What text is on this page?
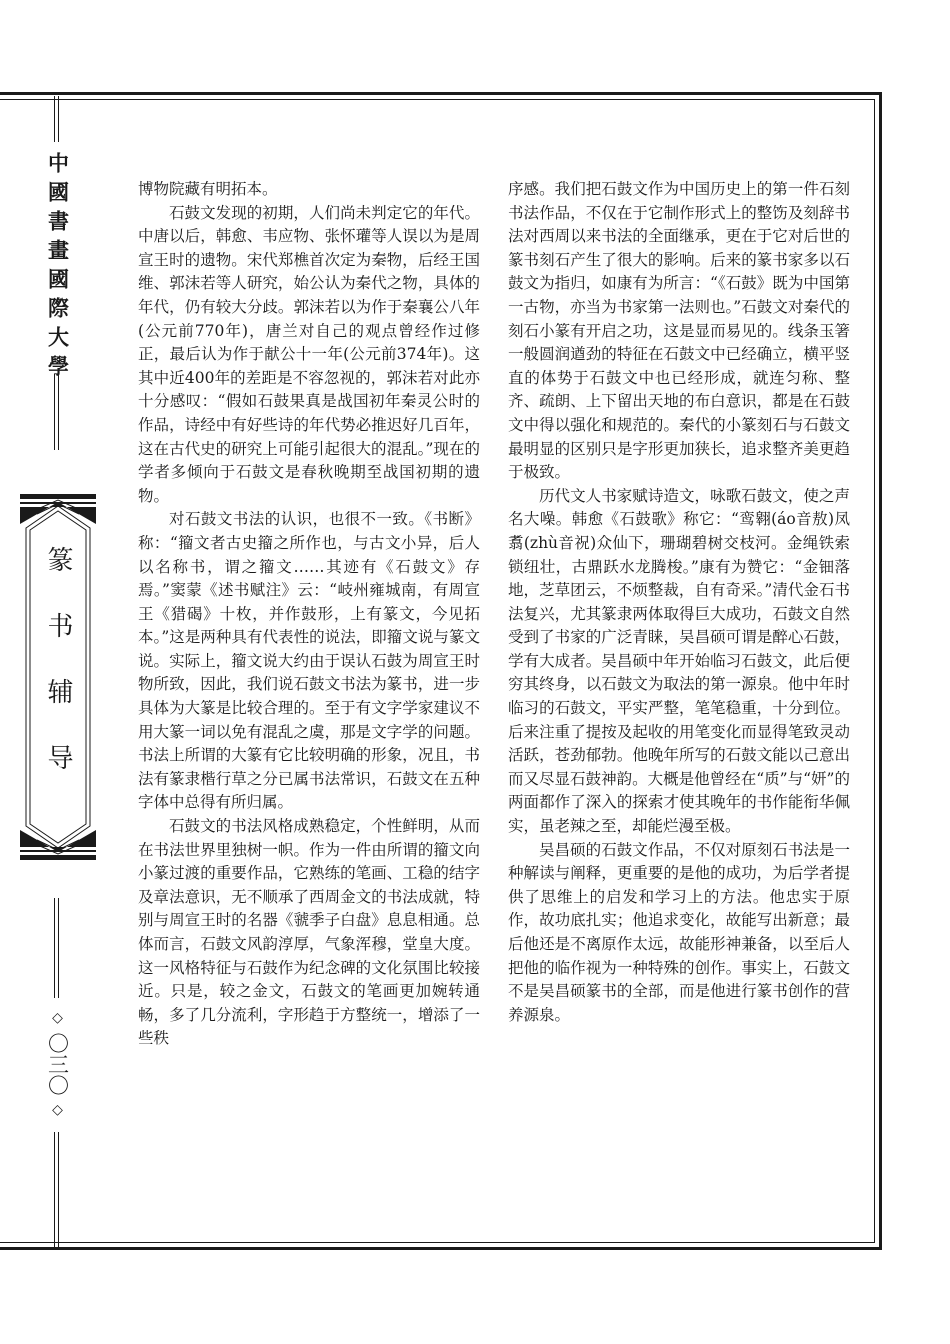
中國書畫國際大學
篆书辅导
◇ 〇三〇 ◇

博物院藏有明拓本。

石鼓文发现的初期，人们尚未判定它的年代。中唐以后，韩愈、韦应物、张怀瓘等人误以为是周宣王时的遗物。宋代郑樵首次定为秦物，后经王国维、郭沫若等人研究，始公认为秦代之物，具体的年代，仍有较大分歧。郭沫若以为作于秦襄公八年(公元前770年)，唐兰对自己的观点曾经作过修正，最后认为作于献公十一年(公元前374年)。这其中近400年的差距是不容忽视的，郭沫若对此亦十分感叹：“假如石鼓果真是战国初年秦灵公时的作品，诗经中有好些诗的年代势必推迟好几百年，这在古代史的研究上可能引起很大的混乱。”现在的学者多倾向于石鼓文是春秋晚期至战国初期的遗物。

对石鼓文书法的认识，也很不一致。《书断》称：“籀文者古史籀之所作也，与古文小异，后人以名称书，谓之籀文……其迹有《石鼓文》存焉。”窦蒙《述书赋注》云：“岐州雍城南，有周宣王《猎碣》十枚，并作鼓形，上有篆文，今见拓本。”这是两种具有代表性的说法，即籀文说与篆文说。实际上，籀文说大约由于误认石鼓为周宣王时物所致，因此，我们说石鼓文书法为篆书，进一步具体为大篆是比较合理的。至于有文字学家建议不用大篆一词以免有混乱之虞，那是文字学的问题。书法上所谓的大篆有它比较明确的形象，况且，书法有篆隶楷行草之分已属书法常识，石鼓文在五种字体中总得有所归属。

石鼓文的书法风格成熟稳定，个性鲜明，从而在书法世界里独树一帜。作为一件由所谓的籀文向小篆过渡的重要作品，它熟练的笔画、工稳的结字及章法意识，无不顺承了西周金文的书法成就，特别与周宣王时的名器《虢季子白盘》息息相通。总体而言，石鼓文风韵淳厚，气象浑穆，堂皇大度。这一风格特征与石鼓作为纪念碑的文化氛围比较接近。只是，较之金文，石鼓文的笔画更加婉转通畅，多了几分流利，字形趋于方整统一，增添了一些秩

序感。我们把石鼓文作为中国历史上的第一件石刻书法作品，不仅在于它制作形式上的整饬及刻辞书法对西周以来书法的全面继承，更在于它对后世的篆书刻石产生了很大的影响。后来的篆书家多以石鼓文为指归，如康有为所言：“《石鼓》既为中国第一古物，亦当为书家第一法则也。”石鼓文对秦代的刻石小篆有开启之功，这是显而易见的。线条玉箸一般圆润遒劲的特征在石鼓文中已经确立，横平竖直的体势于石鼓文中也已经形成，就连匀称、整齐、疏朗、上下留出天地的布白意识，都是在石鼓文中得以强化和规范的。秦代的小篆刻石与石鼓文最明显的区别只是字形更加狭长，追求整齐美更趋于极致。

历代文人书家赋诗造文，咏歌石鼓文，使之声名大噪。韩愈《石鼓歌》称它：“鸾翱(áo音敖)凤翥(zhù音祝)众仙下，珊瑚碧树交枝河。金绳铁索锁纽壮，古鼎跃水龙腾梭。”康有为赞它：“金钿落地，芝草团云，不烦整裁，自有奇采。”清代金石书法复兴，尤其篆隶两体取得巨大成功，石鼓文自然受到了书家的广泛青睐，吴昌硕可谓是醉心石鼓，学有大成者。吴昌硕中年开始临习石鼓文，此后便穷其终身，以石鼓文为取法的第一源泉。他中年时临习的石鼓文，平实严整，笔笔稳重，十分到位。后来注重了提按及起收的用笔变化而显得笔致灵动活跃，苍劲郁勃。他晚年所写的石鼓文能以己意出而又尽显石鼓神韵。大概是他曾经在“质”与“妍”的两面都作了深入的探索才使其晚年的书作能衔华佩实，虽老辣之至，却能烂漫至极。

吴昌硕的石鼓文作品，不仅对原刻石书法是一种解读与阐释，更重要的是他的成功，为后学者提供了思维上的启发和学习上的方法。他忠实于原作，故功底扎实；他追求变化，故能写出新意；最后他还是不离原作太远，故能形神兼备，以至后人把他的临作视为一种特殊的创作。事实上，石鼓文不是吴昌硕篆书的全部，而是他进行篆书创作的营养源泉。
